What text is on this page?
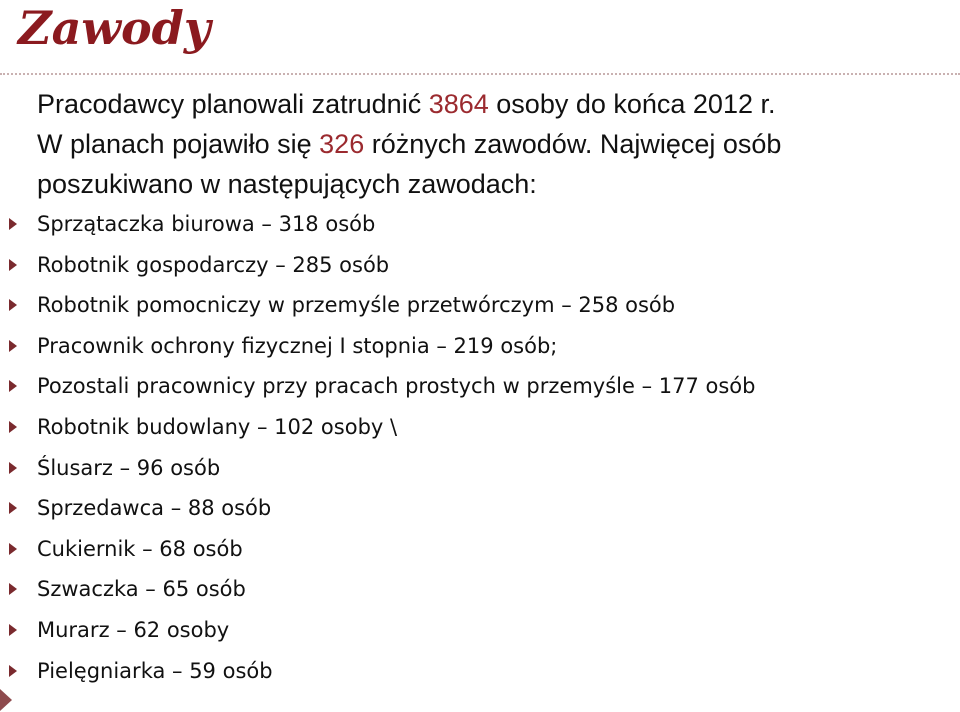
Zawody

Pracodawcy planowali zatrudnić 3864 osoby do końca 2012 r.
W planach pojawiło się 326 różnych zawodów. Najwięcej osób poszukiwano w następujących zawodach:

Sprzątaczka biurowa – 318 osób
Robotnik gospodarczy – 285 osób
Robotnik pomocniczy w przemyśle przetwórczym – 258 osób
Pracownik ochrony fizycznej I stopnia – 219 osób;
Pozostali pracownicy przy pracach prostych w przemyśle – 177 osób
Robotnik budowlany – 102 osoby \
Ślusarz – 96 osób
Sprzedawca – 88 osób
Cukiernik – 68 osób
Szwaczka – 65 osób
Murarz – 62 osoby
Pielęgniarka – 59 osób
